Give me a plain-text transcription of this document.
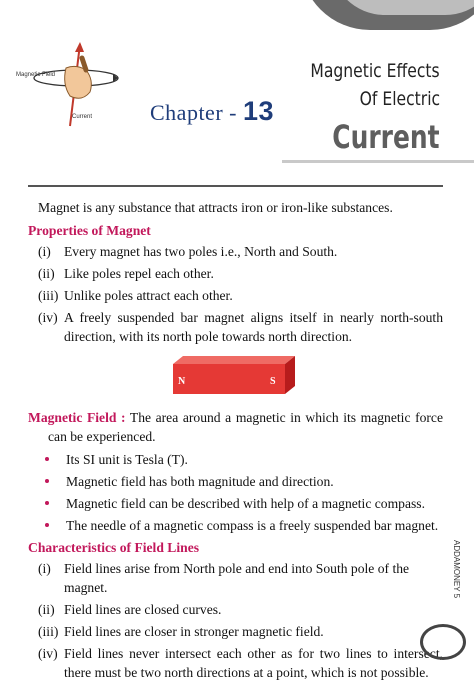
Magnetic Field
Current	Chapter - 13
Magnetic Effects
Of Electric
Current

Magnet is any substance that attracts iron or iron-like substances.

Properties of Magnet
(i) Every magnet has two poles i.e., North and South.
(ii) Like poles repel each other.
(iii) Unlike poles attract each other.
(iv) A freely suspended bar magnet aligns itself in nearly north-south direction, with its north pole towards north direction.
N	S

Magnetic Field : The area around a magnetic in which its magnetic force can be experienced.

Its SI unit is Tesla (T).
Magnetic field has both magnitude and direction.
Magnetic field can be described with help of a magnetic compass.
The needle of a magnetic compass is a freely suspended bar magnet.
Characteristics of Field Lines
(i) Field lines arise from North pole and end into South pole of the magnet.
(ii) Field lines are closed curves.
(iii) Field lines are closer in stronger magnetic field.
(iv) Field lines never intersect each other as for two lines to intersect, there must be two north directions at a point, which is not possible.
ADDAMONEY 5
